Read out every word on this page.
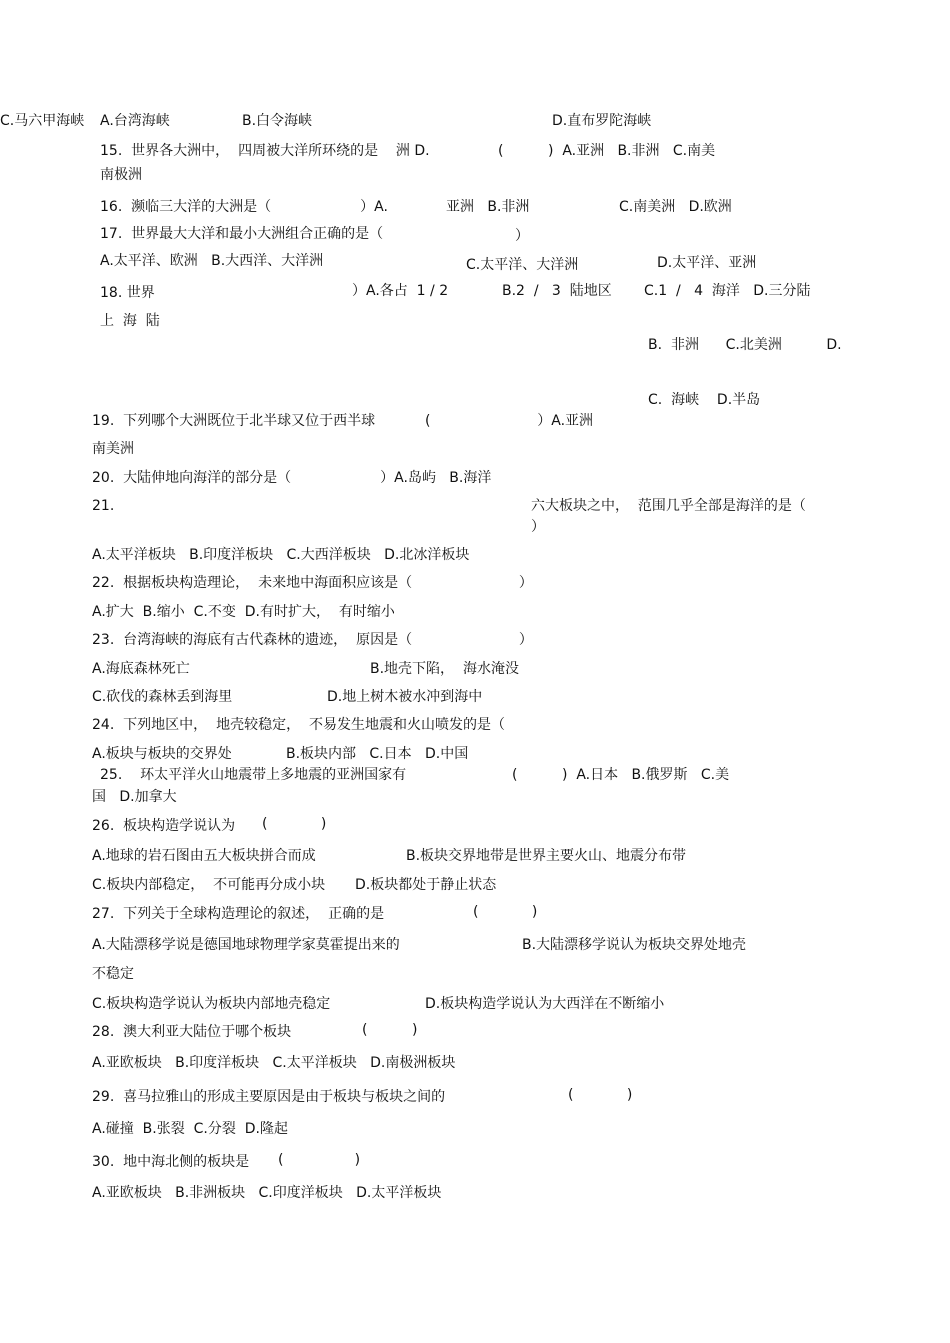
C.马六甲海峡 A.台湾海峡	B.白令海峡	D.直布罗陀海峡
15.  世界各大洲中，  四周被大洋所环绕的是    洲 D.	(          )  A.亚洲   B.非洲   C.南美
南极洲
16.  濒临三大洋的大洲是（                    ）A.	亚洲   B.非洲	C.南美洲   D.欧洲
17.  世界最大大洋和最小大洲组合正确的是（	）
A.太平洋、欧洲   B.大西洋、大洋洲	C.太平洋、大洋洲	D.太平洋、亚洲
18. 世界	）A.各占  1 / 2	B.2  /   3  陆地区 C.1  /   4  海洋   D.三分陆
上  海  陆
B.  非洲      C.北美洲          D.
C.  海峡    D.半岛
19.  下列哪个大洲既位于北半球又位于西半球	(                        ）A.亚洲
南美洲
20.  大陆伸地向海洋的部分是（                    ）A.岛屿   B.海洋
21.	六大板块之中，  范围几乎全部是海洋的是（
）
A.太平洋板块   B.印度洋板块   C.大西洋板块   D.北冰洋板块
22.  根据板块构造理论，  未来地中海面积应该是（                        ）
A.扩大  B.缩小  C.不变  D.有时扩大，  有时缩小
23.  台湾海峡的海底有古代森林的遗迹，  原因是（                        ）
A.海底森林死亡	B.地壳下陷，  海水淹没
C.砍伐的森林丢到海里	D.地上树木被水冲到海中
24.  下列地区中，  地壳较稳定，  不易发生地震和火山喷发的是（
A.板块与板块的交界处	B.板块内部   C.日本   D.中国
25.    环太平洋火山地震带上多地震的亚洲国家有	(          )  A.日本   B.俄罗斯   C.美
国   D.加拿大
26.  板块构造学说认为 (            )
A.地球的岩石图由五大板块拼合而成	B.板块交界地带是世界主要火山、地震分布带
C.板块内部稳定，  不可能再分成小块 D.板块都处于静止状态
27.  下列关于全球构造理论的叙述，  正确的是	(            )
A.大陆漂移学说是德国地球物理学家莫霍提出来的	B.大陆漂移学说认为板块交界处地壳
不稳定
C.板块构造学说认为板块内部地壳稳定	D.板块构造学说认为大西洋在不断缩小
28.  澳大利亚大陆位于哪个板块	(          )
A.亚欧板块   B.印度洋板块   C.太平洋板块   D.南极洲板块
29.  喜马拉雅山的形成主要原因是由于板块与板块之间的	(            )
A.碰撞  B.张裂  C.分裂  D.隆起
30.  地中海北侧的板块是 (                )
A.亚欧板块   B.非洲板块   C.印度洋板块   D.太平洋板块
